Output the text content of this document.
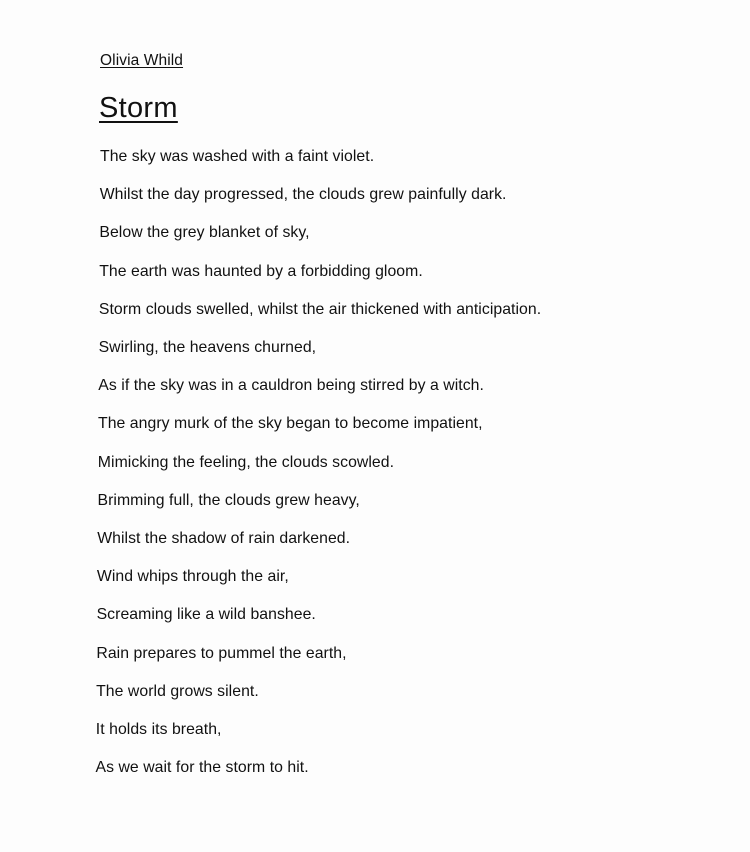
Olivia Whild
Storm
The sky was washed with a faint violet.
Whilst the day progressed, the clouds grew painfully dark.
Below the grey blanket of sky,
The earth was haunted by a forbidding gloom.
Storm clouds swelled, whilst the air thickened with anticipation.
Swirling, the heavens churned,
As if the sky was in a cauldron being stirred by a witch.
The angry murk of the sky began to become impatient,
Mimicking the feeling, the clouds scowled.
Brimming full, the clouds grew heavy,
Whilst the shadow of rain darkened.
Wind whips through the air,
Screaming like a wild banshee.
Rain prepares to pummel the earth,
The world grows silent.
It holds its breath,
As we wait for the storm to hit.
